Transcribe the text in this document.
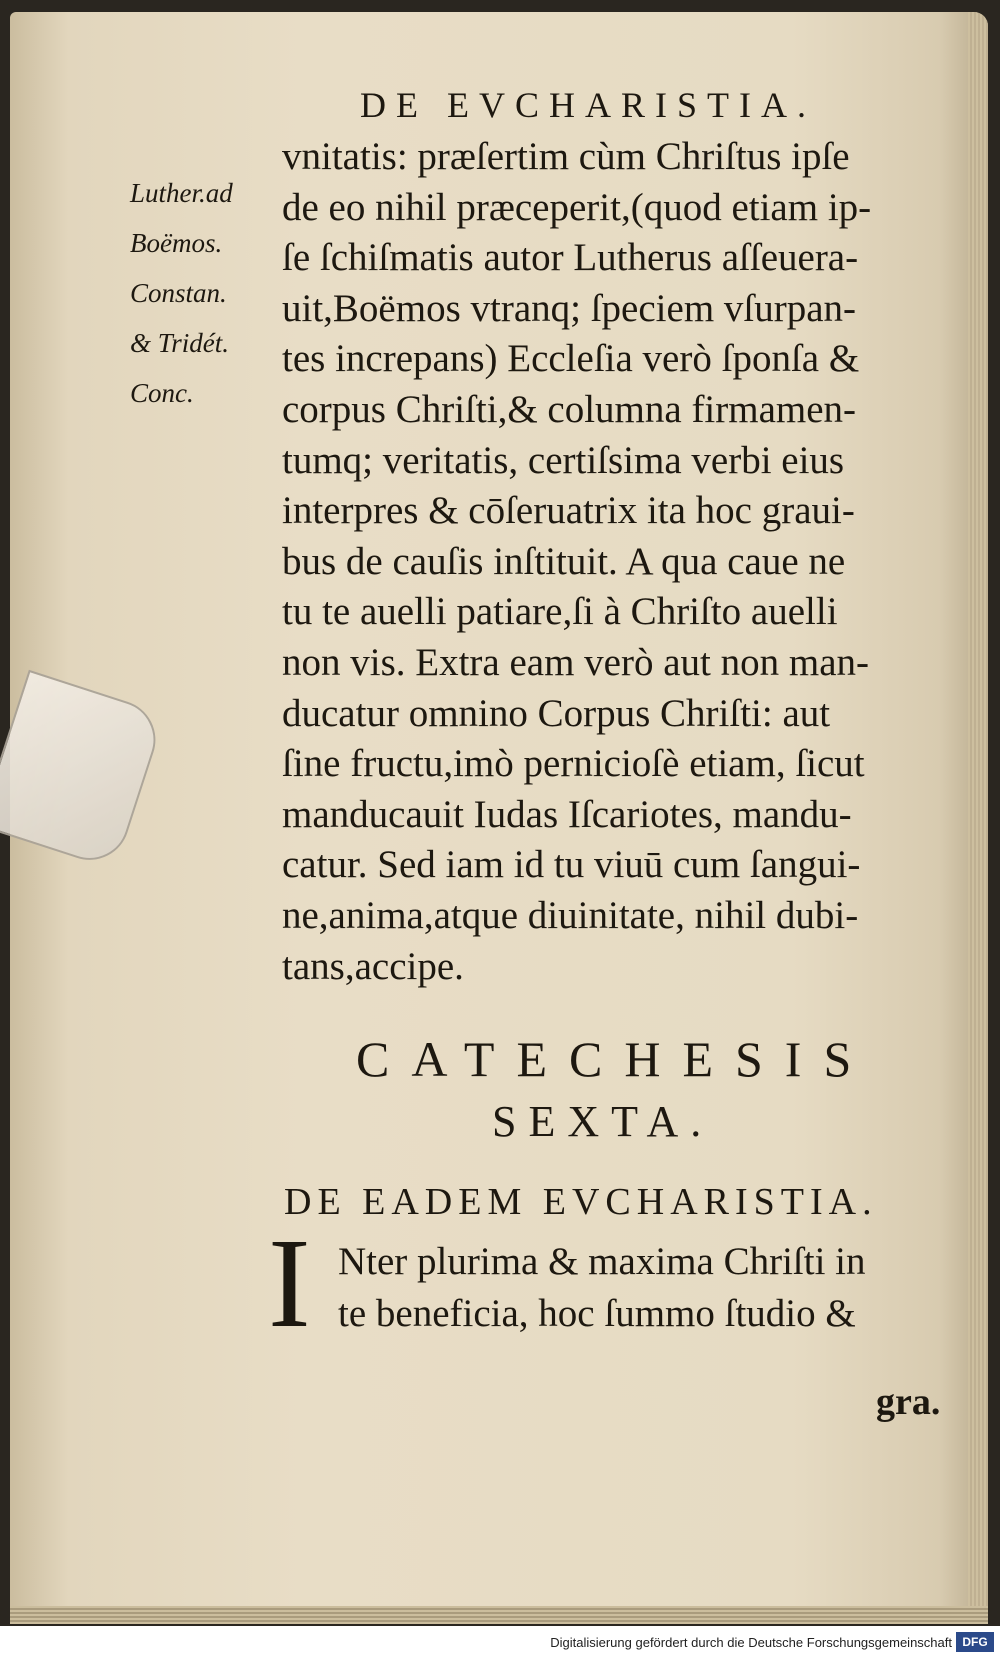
DE EVCHARISTIA.
Luther.ad
Boëmos.
Constan.
& Tridét.
Conc.
vnitatis: præſertim cùm Chriſtus ipſe
de eo nihil præceperit,(quod etiam ip-
ſe ſchiſmatis autor Lutherus aſſeuera-
uit,Boëmos vtranq; ſpeciem vſurpan-
tes increpans) Eccleſia verò ſponſa &
corpus Chriſti,& columna firmamen-
tumq; veritatis, certiſsima verbi eius
interpres & cōſeruatrix ita hoc graui-
bus de cauſis inſtituit. A qua caue ne
tu te auelli patiare,ſi à Chriſto auelli
non vis. Extra eam verò aut non man-
ducatur omnino Corpus Chriſti: aut
ſine fructu,imò pernicioſè etiam, ſicut
manducauit Iudas Iſcariotes, mandu-
catur. Sed iam id tu viuū cum ſangui-
ne,anima,atque diuinitate, nihil dubi-
tans,accipe.
CATECHESIS
SEXTA.
DE EADEM EVCHARISTIA.
I Nter plurima & maxima Chriſti in
te beneficia, hoc ſummo ſtudio &
gra.
Digitalisierung gefördert durch die Deutsche Forschungsgemeinschaft DFG
